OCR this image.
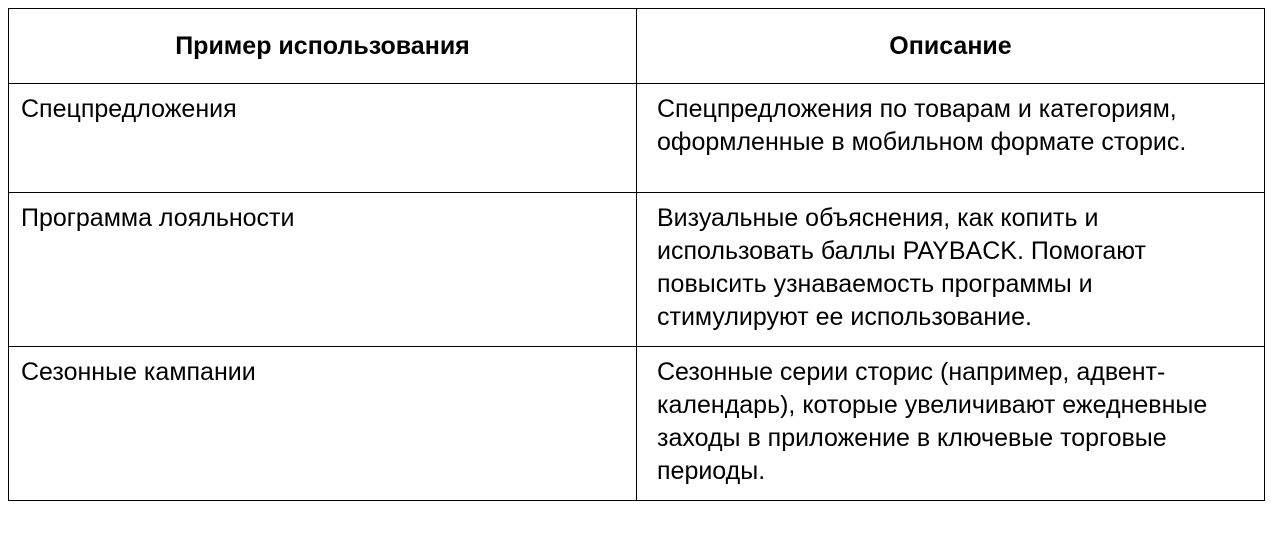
Пример использования	Описание
Спецпредложения	Спецпредложения по товарам и категориям, оформленные в мобильном формате сторис.
Программа лояльности	Визуальные объяснения, как копить и использовать баллы PAYBACK. Помогают повысить узнаваемость программы и стимулируют ее использование.
Сезонные кампании	Сезонные серии сторис (например, адвент-календарь), которые увеличивают ежедневные заходы в приложение в ключевые торговые периоды.
